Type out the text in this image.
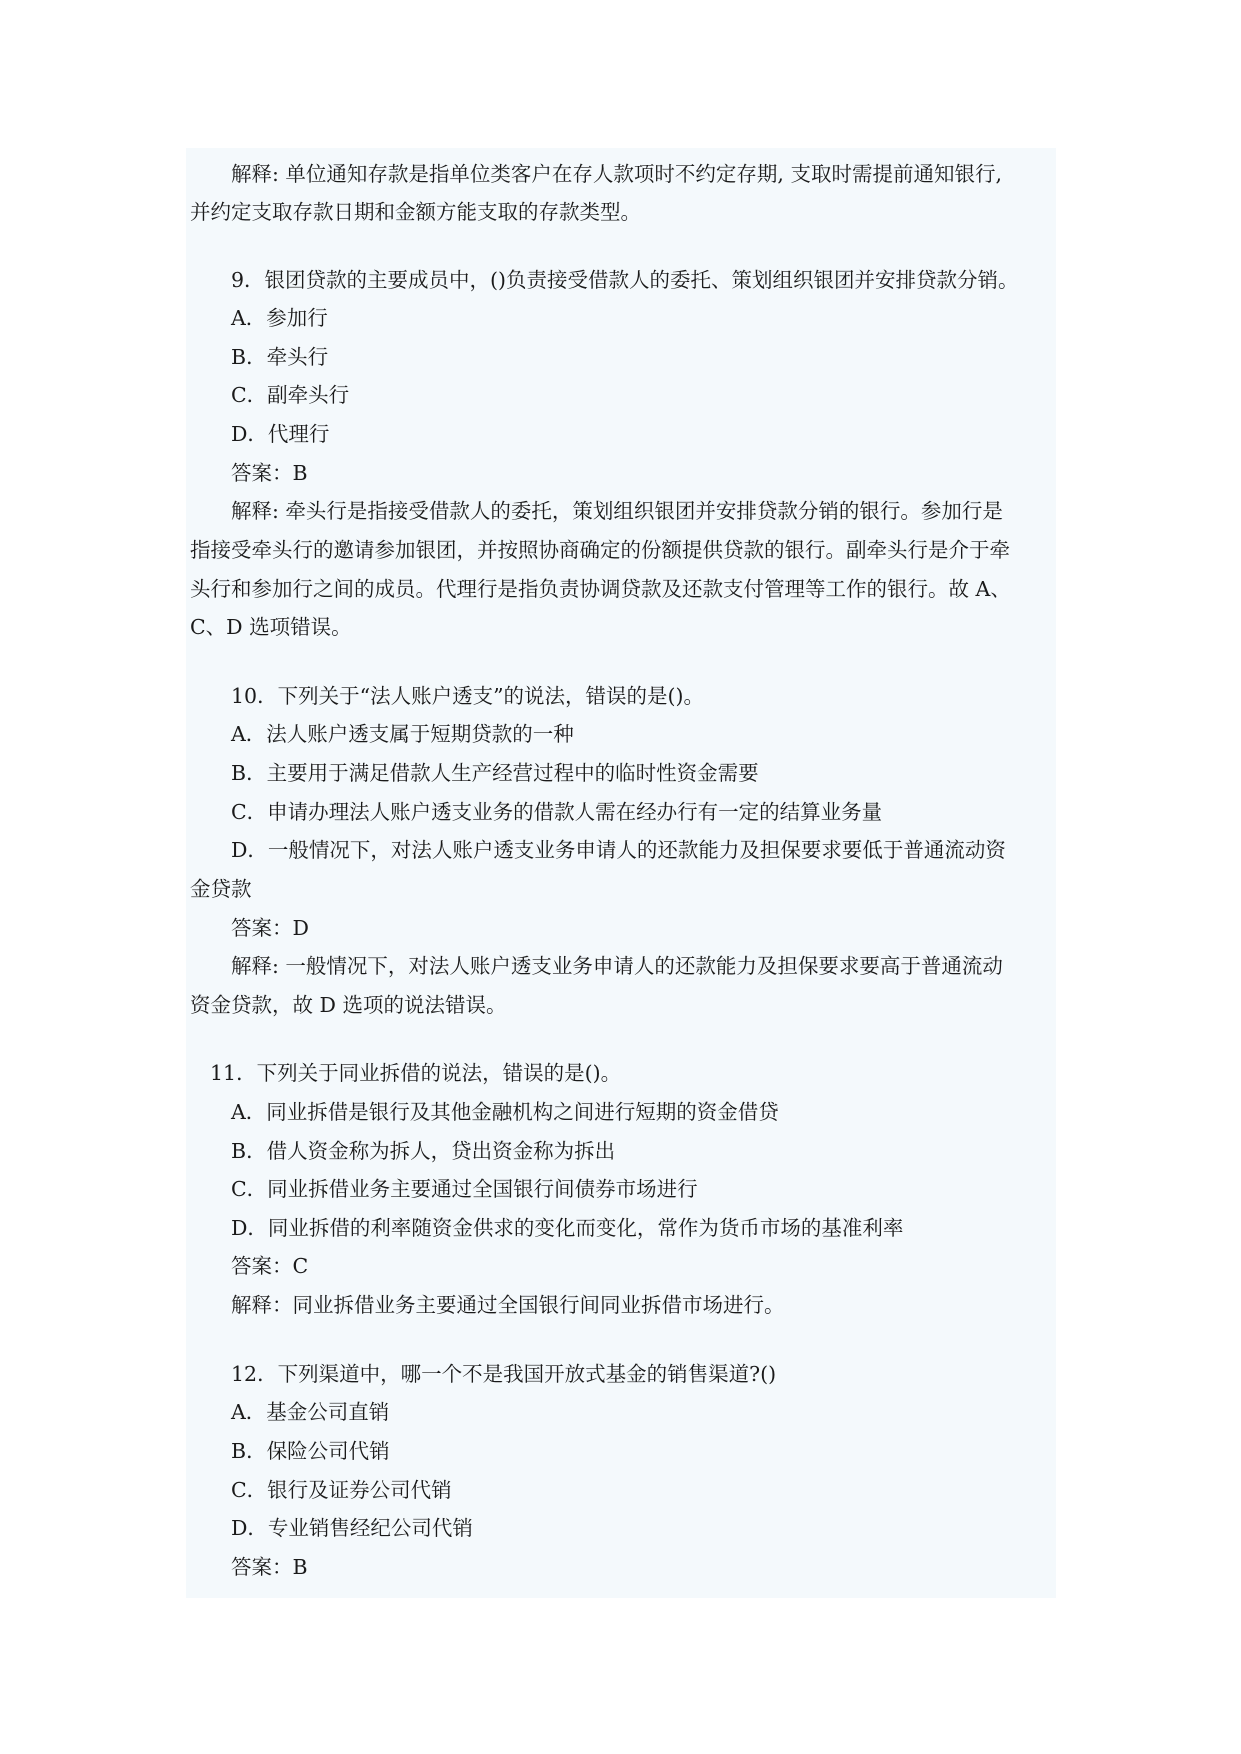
解释: 单位通知存款是指单位类客户在存人款项时不约定存期, 支取时需提前通知银行,
并约定支取存款日期和金额方能支取的存款类型。
9．银团贷款的主要成员中，()负责接受借款人的委托、策划组织银团并安排贷款分销。
A．参加行
B．牵头行
C．副牵头行
D．代理行
答案：B
解释: 牵头行是指接受借款人的委托，策划组织银团并安排贷款分销的银行。参加行是
指接受牵头行的邀请参加银团，并按照协商确定的份额提供贷款的银行。副牵头行是介于牵
头行和参加行之间的成员。代理行是指负责协调贷款及还款支付管理等工作的银行。故 A、
C、D 选项错误。
10．下列关于“法人账户透支”的说法，错误的是()。
A．法人账户透支属于短期贷款的一种
B．主要用于满足借款人生产经营过程中的临时性资金需要
C．申请办理法人账户透支业务的借款人需在经办行有一定的结算业务量
D．一般情况下，对法人账户透支业务申请人的还款能力及担保要求要低于普通流动资
金贷款
答案：D
解释: 一般情况下，对法人账户透支业务申请人的还款能力及担保要求要高于普通流动
资金贷款，故 D 选项的说法错误。
11．下列关于同业拆借的说法，错误的是()。
A．同业拆借是银行及其他金融机构之间进行短期的资金借贷
B．借人资金称为拆人，贷出资金称为拆出
C．同业拆借业务主要通过全国银行间债券市场进行
D．同业拆借的利率随资金供求的变化而变化，常作为货币市场的基准利率
答案：C
解释：同业拆借业务主要通过全国银行间同业拆借市场进行。
12．下列渠道中，哪一个不是我国开放式基金的销售渠道?()
A．基金公司直销
B．保险公司代销
C．银行及证券公司代销
D．专业销售经纪公司代销
答案：B
